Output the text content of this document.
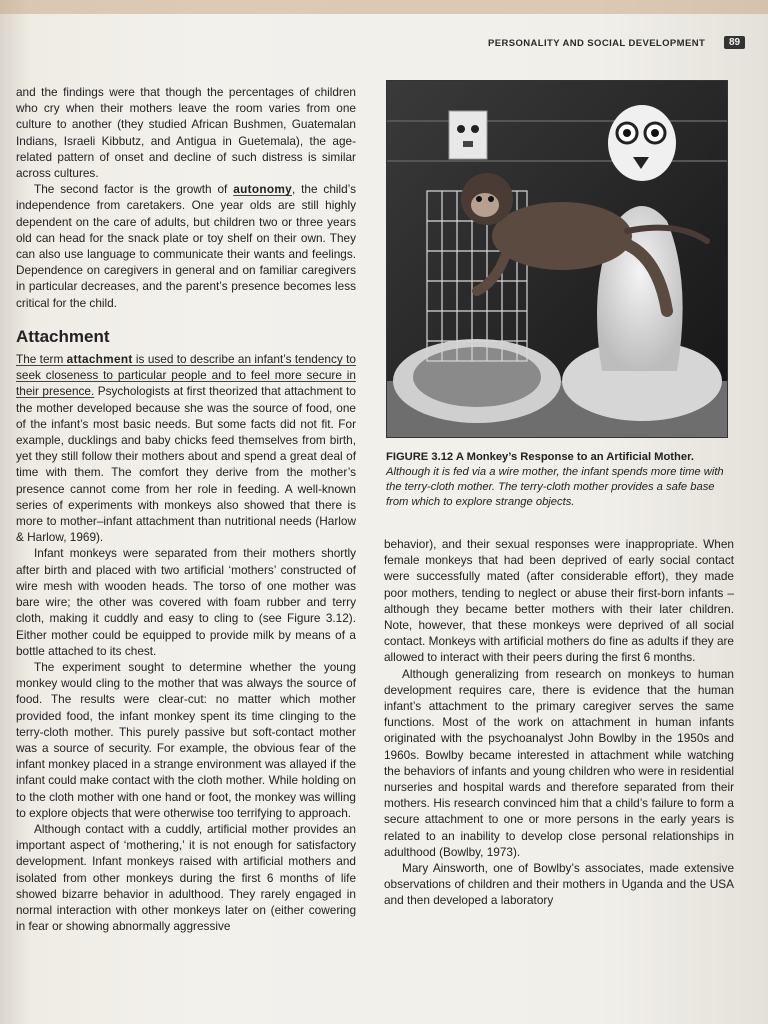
PERSONALITY AND SOCIAL DEVELOPMENT	89

and the findings were that though the percentages of children who cry when their mothers leave the room varies from one culture to another (they studied African Bushmen, Guatemalan Indians, Israeli Kibbutz, and Antigua in Guetemala), the age-related pattern of onset and decline of such distress is similar across cultures.

The second factor is the growth of autonomy, the child’s independence from caretakers. One year olds are still highly dependent on the care of adults, but children two or three years old can head for the snack plate or toy shelf on their own. They can also use language to communicate their wants and feelings. Dependence on caregivers in general and on familiar caregivers in particular decreases, and the parent’s presence becomes less critical for the child.

Attachment

The term attachment is used to describe an infant’s tendency to seek closeness to particular people and to feel more secure in their presence. Psychologists at first theorized that attachment to the mother developed because she was the source of food, one of the infant’s most basic needs. But some facts did not fit. For example, ducklings and baby chicks feed themselves from birth, yet they still follow their mothers about and spend a great deal of time with them. The comfort they derive from the mother’s presence cannot come from her role in feeding. A well-known series of experiments with monkeys also showed that there is more to mother–infant attachment than nutritional needs (Harlow & Harlow, 1969).

Infant monkeys were separated from their mothers shortly after birth and placed with two artificial ‘mothers’ constructed of wire mesh with wooden heads. The torso of one mother was bare wire; the other was covered with foam rubber and terry cloth, making it cuddly and easy to cling to (see Figure 3.12). Either mother could be equipped to provide milk by means of a bottle attached to its chest.

The experiment sought to determine whether the young monkey would cling to the mother that was always the source of food. The results were clear-cut: no matter which mother provided food, the infant monkey spent its time clinging to the terry-cloth mother. This purely passive but soft-contact mother was a source of security. For example, the obvious fear of the infant monkey placed in a strange environment was allayed if the infant could make contact with the cloth mother. While holding on to the cloth mother with one hand or foot, the monkey was willing to explore objects that were otherwise too terrifying to approach.

Although contact with a cuddly, artificial mother provides an important aspect of ‘mothering,’ it is not enough for satisfactory development. Infant monkeys raised with artificial mothers and isolated from other monkeys during the first 6 months of life showed bizarre behavior in adulthood. They rarely engaged in normal interaction with other monkeys later on (either cowering in fear or showing abnormally aggressive

FIGURE 3.12 A Monkey’s Response to an Artificial Mother. Although it is fed via a wire mother, the infant spends more time with the terry-cloth mother. The terry-cloth mother provides a safe base from which to explore strange objects.

behavior), and their sexual responses were inappropriate. When female monkeys that had been deprived of early social contact were successfully mated (after considerable effort), they made poor mothers, tending to neglect or abuse their first-born infants – although they became better mothers with their later children. Note, however, that these monkeys were deprived of all social contact. Monkeys with artificial mothers do fine as adults if they are allowed to interact with their peers during the first 6 months.

Although generalizing from research on monkeys to human development requires care, there is evidence that the human infant’s attachment to the primary caregiver serves the same functions. Most of the work on attachment in human infants originated with the psychoanalyst John Bowlby in the 1950s and 1960s. Bowlby became interested in attachment while watching the behaviors of infants and young children who were in residential nurseries and hospital wards and therefore separated from their mothers. His research convinced him that a child’s failure to form a secure attachment to one or more persons in the early years is related to an inability to develop close personal relationships in adulthood (Bowlby, 1973).

Mary Ainsworth, one of Bowlby’s associates, made extensive observations of children and their mothers in Uganda and the USA and then developed a laboratory
